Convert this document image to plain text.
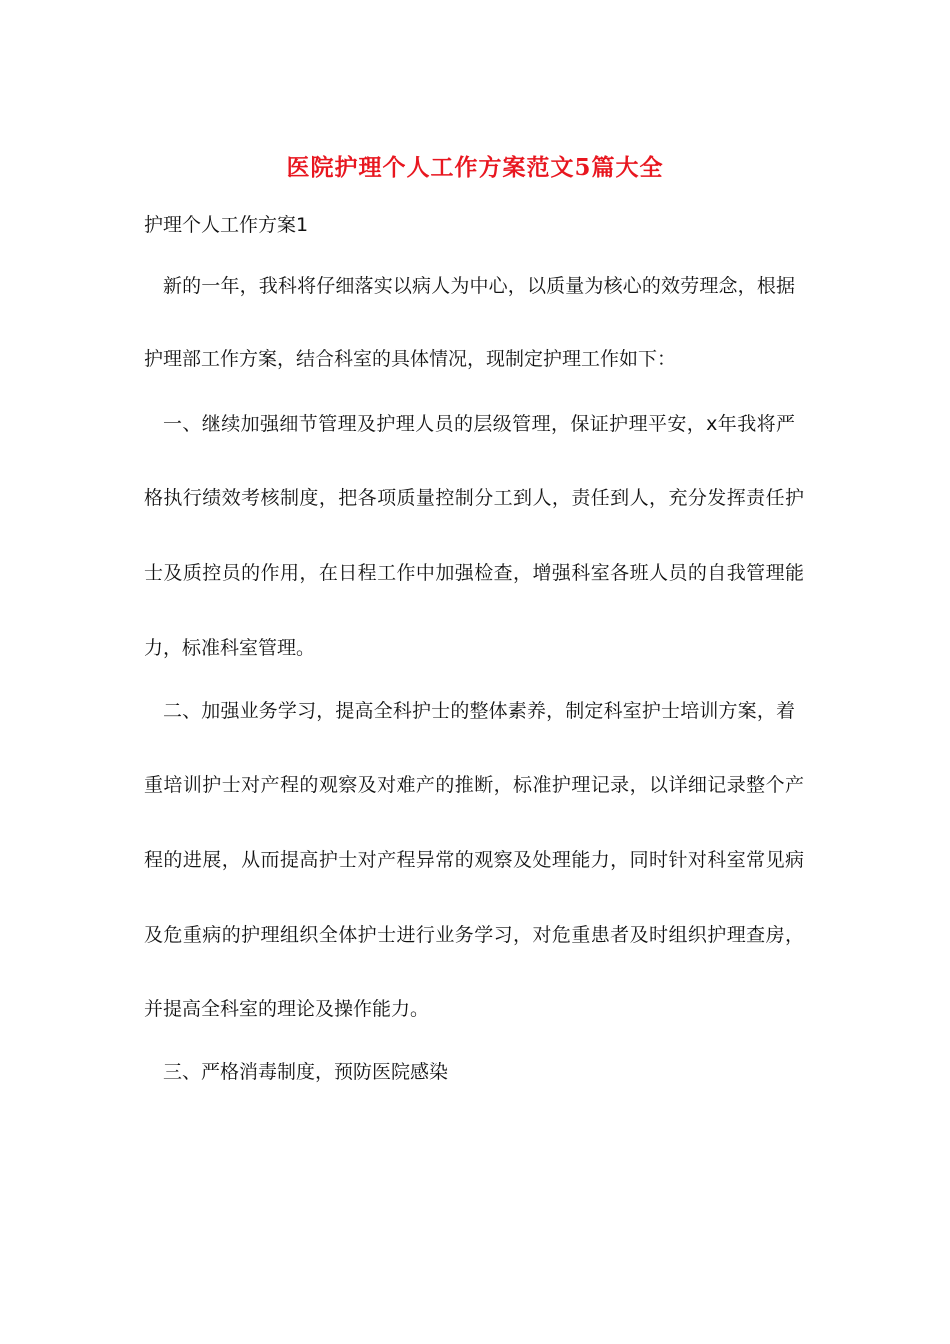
医院护理个人工作方案范文5篇大全
护理个人工作方案1
新的一年，我科将仔细落实以病人为中心，以质量为核心的效劳理念，根据
护理部工作方案，结合科室的具体情况，现制定护理工作如下：
一、继续加强细节管理及护理人员的层级管理，保证护理平安，x年我将严
格执行绩效考核制度，把各项质量控制分工到人，责任到人，充分发挥责任护
士及质控员的作用，在日程工作中加强检查，增强科室各班人员的自我管理能
力，标准科室管理。
二、加强业务学习，提高全科护士的整体素养，制定科室护士培训方案，着
重培训护士对产程的观察及对难产的推断，标准护理记录，以详细记录整个产
程的进展，从而提高护士对产程异常的观察及处理能力，同时针对科室常见病
及危重病的护理组织全体护士进行业务学习，对危重患者及时组织护理查房，
并提高全科室的理论及操作能力。
三、严格消毒制度，预防医院感染
